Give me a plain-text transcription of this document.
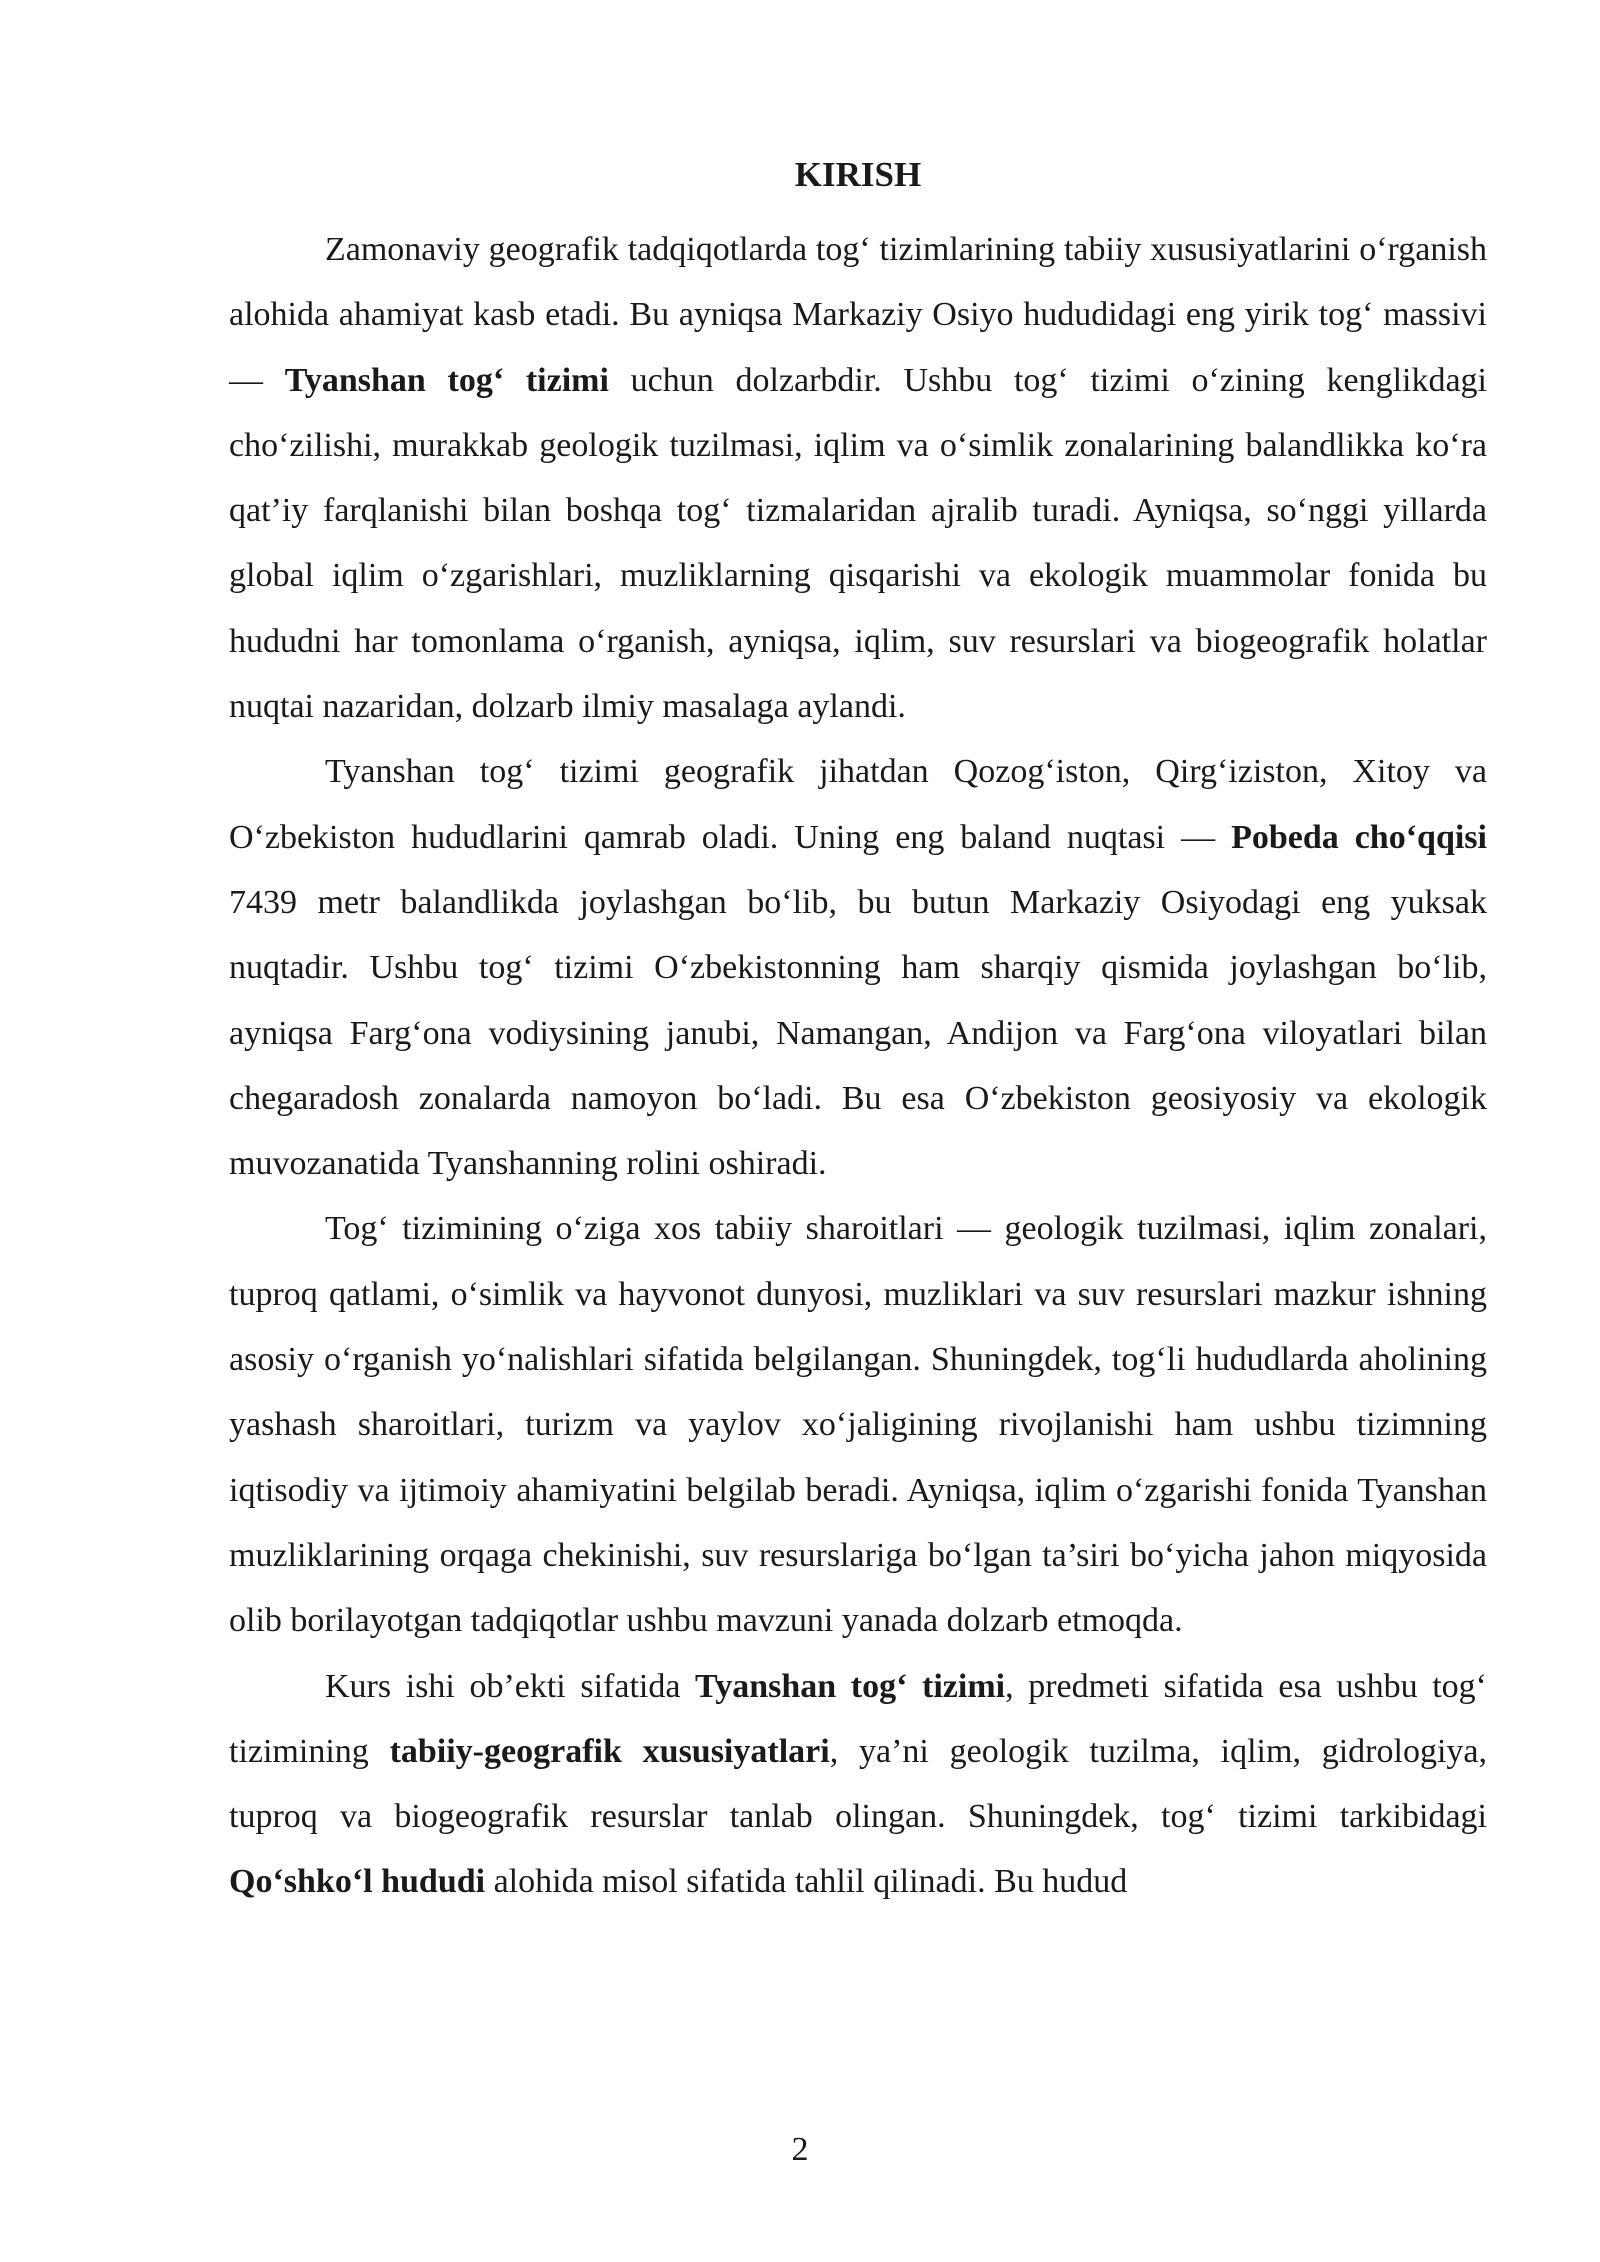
KIRISH

Zamonaviy geografik tadqiqotlarda tog‘ tizimlarining tabiiy xususiyatlarini o‘rganish alohida ahamiyat kasb etadi. Bu ayniqsa Markaziy Osiyo hududidagi eng yirik tog‘ massivi — Tyanshan tog‘ tizimi uchun dolzarbdir. Ushbu tog‘ tizimi o‘zining kenglikdagi cho‘zilishi, murakkab geologik tuzilmasi, iqlim va o‘simlik zonalarining balandlikka ko‘ra qat’iy farqlanishi bilan boshqa tog‘ tizmalaridan ajralib turadi. Ayniqsa, so‘nggi yillarda global iqlim o‘zgarishlari, muzliklarning qisqarishi va ekologik muammolar fonida bu hududni har tomonlama o‘rganish, ayniqsa, iqlim, suv resurslari va biogeografik holatlar nuqtai nazaridan, dolzarb ilmiy masalaga aylandi.

Tyanshan tog‘ tizimi geografik jihatdan Qozog‘iston, Qirg‘iziston, Xitoy va O‘zbekiston hududlarini qamrab oladi. Uning eng baland nuqtasi — Pobeda cho‘qqisi 7439 metr balandlikda joylashgan bo‘lib, bu butun Markaziy Osiyodagi eng yuksak nuqtadir. Ushbu tog‘ tizimi O‘zbekistonning ham sharqiy qismida joylashgan bo‘lib, ayniqsa Farg‘ona vodiysining janubi, Namangan, Andijon va Farg‘ona viloyatlari bilan chegaradosh zonalarda namoyon bo‘ladi. Bu esa O‘zbekiston geosiyosiy va ekologik muvozanatida Tyanshanning rolini oshiradi.

Tog‘ tizimining o‘ziga xos tabiiy sharoitlari — geologik tuzilmasi, iqlim zonalari, tuproq qatlami, o‘simlik va hayvonot dunyosi, muzliklari va suv resurslari mazkur ishning asosiy o‘rganish yo‘nalishlari sifatida belgilangan. Shuningdek, tog‘li hududlarda aholining yashash sharoitlari, turizm va yaylov xo‘jaligining rivojlanishi ham ushbu tizimning iqtisodiy va ijtimoiy ahamiyatini belgilab beradi. Ayniqsa, iqlim o‘zgarishi fonida Tyanshan muzliklarining orqaga chekinishi, suv resurslariga bo‘lgan ta’siri bo‘yicha jahon miqyosida olib borilayotgan tadqiqotlar ushbu mavzuni yanada dolzarb etmoqda.

Kurs ishi ob’ekti sifatida Tyanshan tog‘ tizimi, predmeti sifatida esa ushbu tog‘ tizimining tabiiy-geografik xususiyatlari, ya’ni geologik tuzilma, iqlim, gidrologiya, tuproq va biogeografik resurslar tanlab olingan. Shuningdek, tog‘ tizimi tarkibidagi Qo‘shko‘l hududi alohida misol sifatida tahlil qilinadi. Bu hudud

2
